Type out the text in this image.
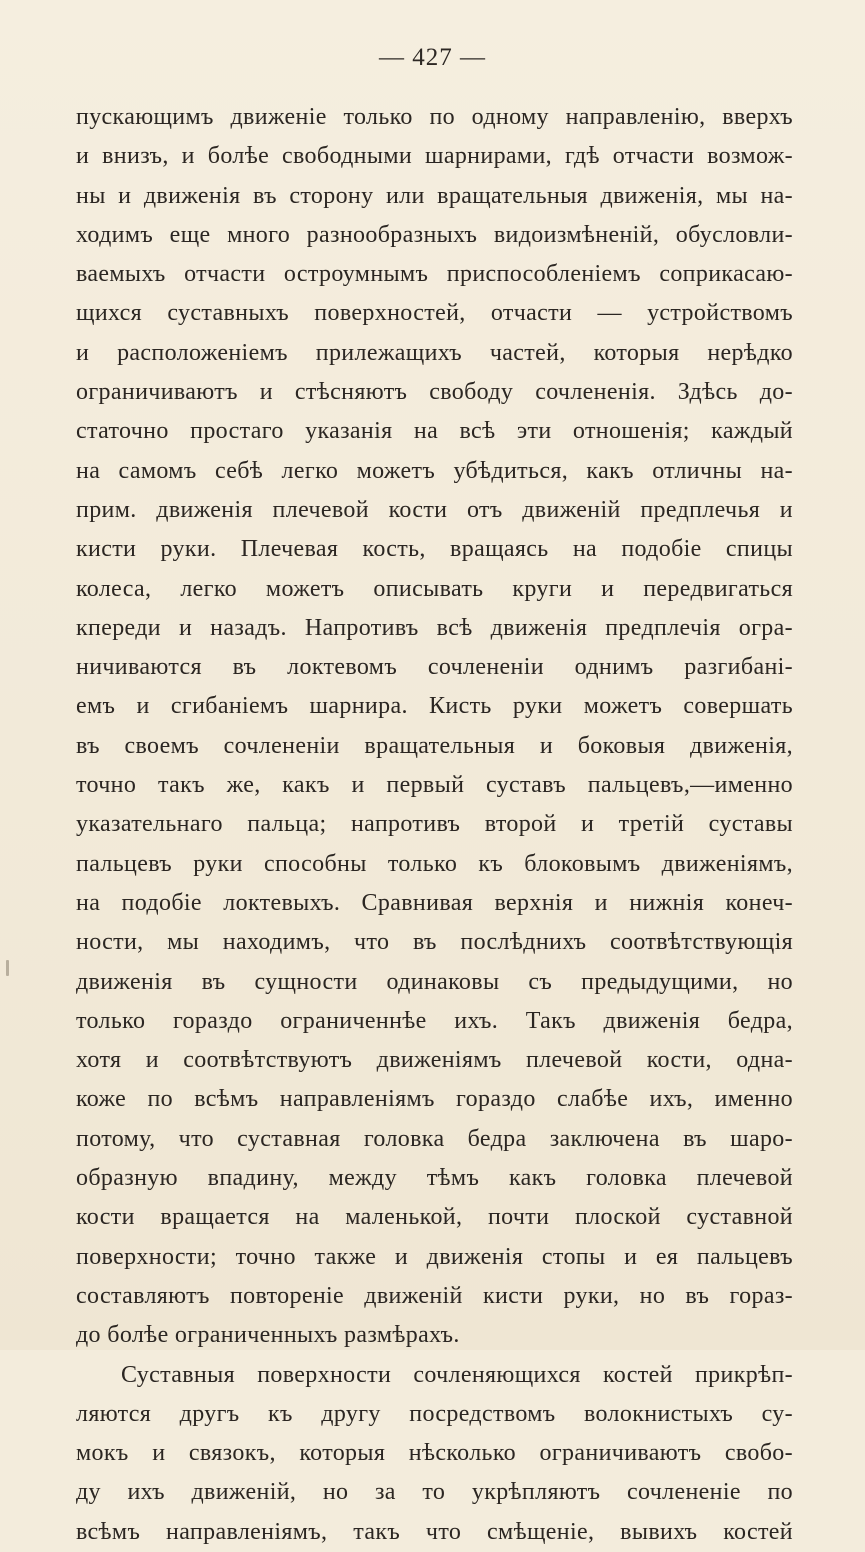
— 427 —
пускающимъ движенiе только по одному направленiю, вверхъ
и внизъ, и болѣе свободными шарнирами, гдѣ отчасти возмож-
ны и движенiя въ сторону или вращательныя движенiя, мы на-
ходимъ еще много разнообразныхъ видоизмѣненiй, обусловли-
ваемыхъ отчасти остроумнымъ приспособленiемъ соприкасаю-
щихся суставныхъ поверхностей, отчасти — устройствомъ
и расположенiемъ прилежащихъ частей, которыя нерѣдко
ограничиваютъ и стѣсняютъ свободу сочлененiя. Здѣсь до-
статочно простаго указанiя на всѣ эти отношенiя; каждый
на самомъ себѣ легко можетъ убѣдиться, какъ отличны на-
прим. движенiя плечевой кости отъ движенiй предплечья и
кисти руки. Плечевая кость, вращаясь на подобiе спицы
колеса, легко можетъ описывать круги и передвигаться
кпереди и назадъ. Напротивъ всѣ движенiя предплечiя огра-
ничиваются въ локтевомъ сочлененiи однимъ разгибанi-
емъ и сгибанiемъ шарнира. Кисть руки можетъ совершать
въ своемъ сочлененiи вращательныя и боковыя движенiя,
точно такъ же, какъ и первый суставъ пальцевъ,—именно
указательнаго пальца; напротивъ второй и третiй суставы
пальцевъ руки способны только къ блоковымъ движенiямъ,
на подобiе локтевыхъ. Сравнивая верхнiя и нижнiя конеч-
ности, мы находимъ, что въ послѣднихъ соотвѣтствующiя
движенiя въ сущности одинаковы съ предыдущими, но
только гораздо ограниченнѣе ихъ. Такъ движенiя бедра,
хотя и соотвѣтствуютъ движенiямъ плечевой кости, одна-
коже по всѣмъ направленiямъ гораздо слабѣе ихъ, именно
потому, что суставная головка бедра заключена въ шаро-
образную впадину, между тѣмъ какъ головка плечевой
кости вращается на маленькой, почти плоской суставной
поверхности; точно также и движенiя стопы и ея пальцевъ
составляютъ повторенiе движенiй кисти руки, но въ гораз-
до болѣе ограниченныхъ размѣрахъ.
Суставныя поверхности сочленяющихся костей прикрѣп-
ляются другъ къ другу посредствомъ волокнистыхъ су-
мокъ и связокъ, которыя нѣсколько ограничиваютъ свобо-
ду ихъ движенiй, но за то укрѣпляютъ сочлененiе по
всѣмъ направленiямъ, такъ что смѣщенiе, вывихъ костей
